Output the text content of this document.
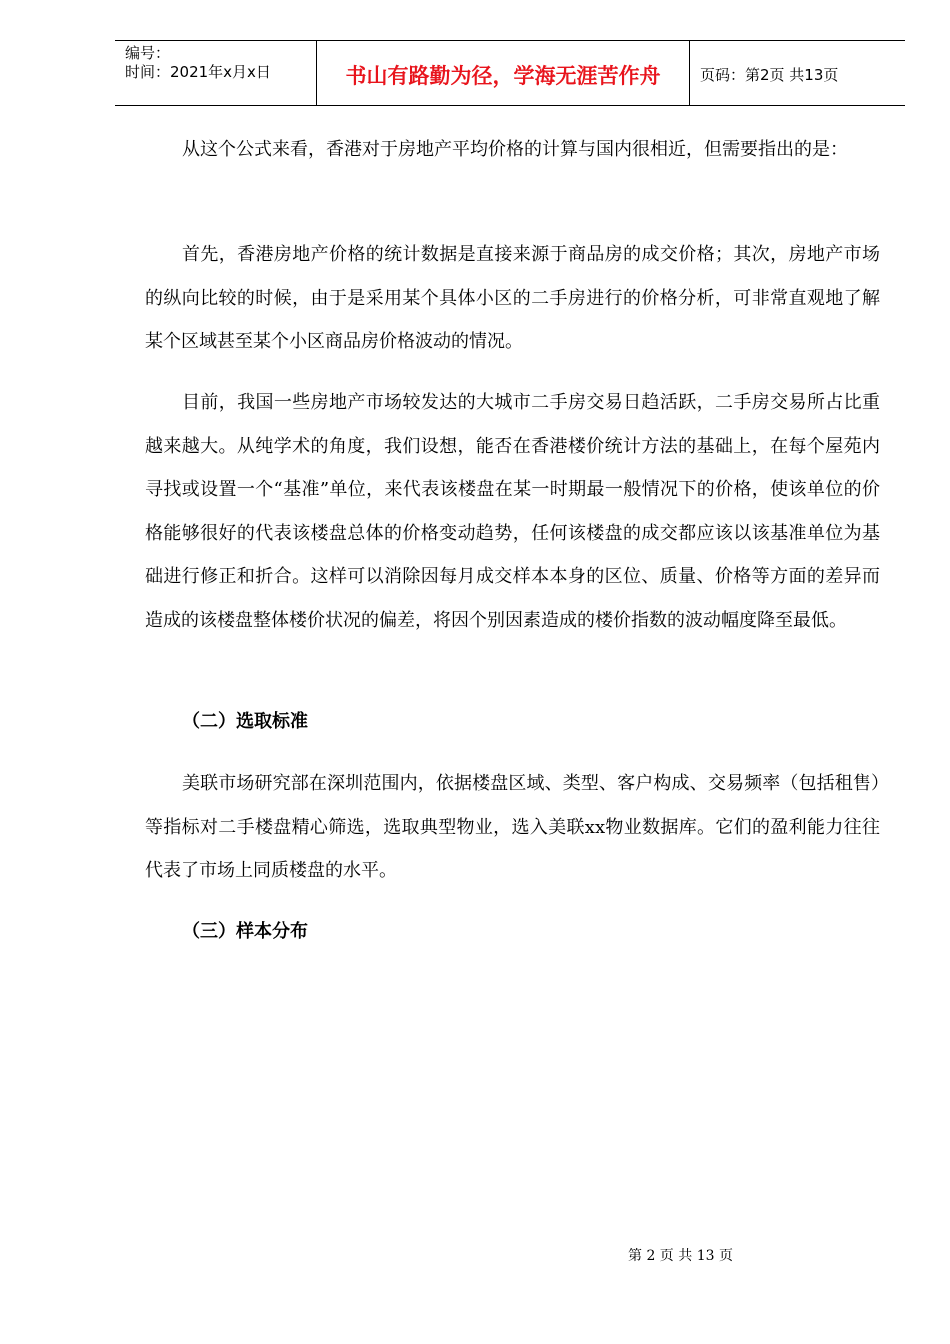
编号：
时间：2021年x月x日	书山有路勤为径，学海无涯苦作舟	页码：第2页 共13页

从这个公式来看，香港对于房地产平均价格的计算与国内很相近，但需要指出的是：

首先，香港房地产价格的统计数据是直接来源于商品房的成交价格；其次，房地产市场的纵向比较的时候，由于是采用某个具体小区的二手房进行的价格分析，可非常直观地了解某个区域甚至某个小区商品房价格波动的情况。

目前，我国一些房地产市场较发达的大城市二手房交易日趋活跃，二手房交易所占比重越来越大。从纯学术的角度，我们设想，能否在香港楼价统计方法的基础上，在每个屋苑内寻找或设置一个“基准”单位，来代表该楼盘在某一时期最一般情况下的价格，使该单位的价格能够很好的代表该楼盘总体的价格变动趋势，任何该楼盘的成交都应该以该基准单位为基础进行修正和折合。这样可以消除因每月成交样本本身的区位、质量、价格等方面的差异而造成的该楼盘整体楼价状况的偏差，将因个别因素造成的楼价指数的波动幅度降至最低。

（二）选取标准

美联市场研究部在深圳范围内，依据楼盘区域、类型、客户构成、交易频率（包括租售）等指标对二手楼盘精心筛选，选取典型物业，选入美联xx物业数据库。它们的盈利能力往往代表了市场上同质楼盘的水平。

（三）样本分布
第 2 页 共 13 页
